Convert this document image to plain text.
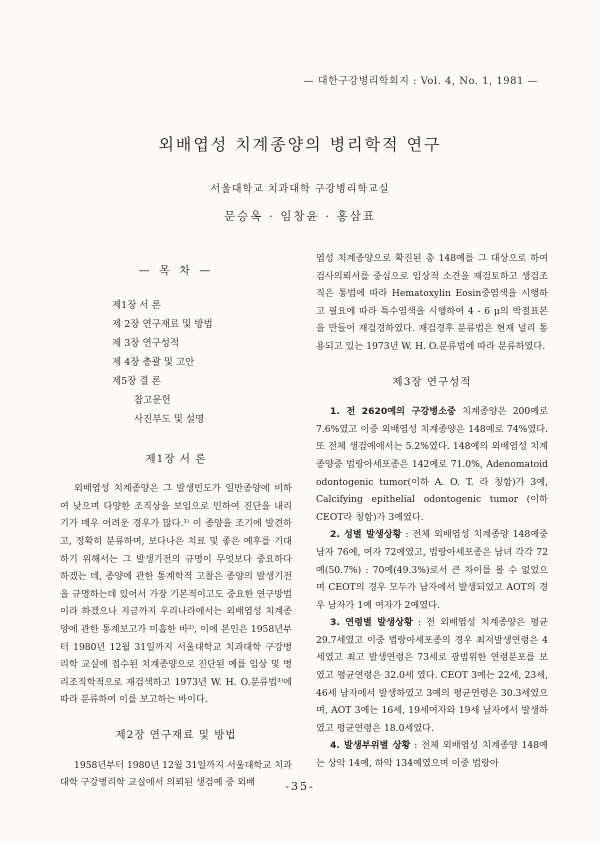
— 대한구강병리학회지 : Vol. 4, No. 1, 1981 —
외배엽성 치계종양의 병리학적 연구
서울대학교 치과대학 구강병리학교실
문승옥 · 임창윤 · 홍삼표
— 목 차 —
제1장 서 론
제 2장 연구재료 및 방법
제 3장 연구성적
제 4장 총괄 및 고안
제5장 결 론
참고문헌
사진부도 및 설명
제1장 서 론

외배엽성 치계종양은 그 발생빈도가 일반종양에 비하여 낮으며 다양한 조직상을 보임으로 인하여 진단을 내리기가 매우 어려운 경우가 많다.¹⁾ 이 종양을 조기에 발견하고, 정확히 분류하며, 보다나은 치료 및 좋은 예후를 기대하기 위해서는 그 발생기전의 규명이 무엇보다 중요하다 하겠는 데, 종양에 관한 통계학적 고찰은 종양의 발생기전을 규명하는데 있어서 가장 기본적이고도 중요한 연구방법이라 하겠으나 지금까지 우리나라에서는 외배엽성 치계종양에 관한 통계보고가 미흡한 바²⁾, 이에 본인은 1958년부터 1980년 12월 31일까지 서울대학교 치과대학 구강병리학 교실에 접수된 치계종양으로 진단된 예를 임상 및 병리조직학적으로 재검색하고 1973년 W. H. O.분류법³⁾에 따라 분류하여 이를 보고하는 바이다.

제2장 연구재료 및 방법

1958년부터 1980년 12월 31일까지 서울대학교 치과대학 구강병리학 교실에서 의뢰된 생검예 중 외배

엽성 치계종양으로 확진된 총 148예를 그 대상으로 하여 검사의뢰서를 중심으로 임상적 소견을 재검토하고 생검조직은 통법에 따라 Hematoxylin Eosin중염색을 시행하고 필요에 따라 특수염색을 시행하여 4 - 6 μ의 박절표본을 만들어 재검경하였다. 재검경후 분류법은 현재 널리 통용되고 있는 1973년 W. H. O.분류법에 따라 분류하였다.

제3장 연구성적

1. 전 2620예의 구강병소중 치계종양은 200예로 7.6%였고 이중 외배엽성 치계종양은 148예로 74%였다. 또 전체 생검예에서는 5.2%였다. 148예의 외배엽성 치계종양중 법랑아세포종은 142예로 71.0%, Adenomatoid odontogenic tumor(이하 A. O. T. 라 칭함)가 3예, Calcifying epithelial odontogenic tumor (이하 CEOT라 칭함)가 3예였다.

2. 성별 발생상황 : 전체 외배엽성 치계종양 148예중 남자 76예, 여자 72예였고, 법랑아세포종은 남녀 각각 72예(50.7%) : 70예(49.3%)로서 큰 차이를 볼 수 없었으며 CEOT의 경우 모두가 남자에서 발생되었고 AOT의 경우 남자가 1예 여자가 2예였다.

3. 연령별 발생상황 : 전 외배엽성 치계종양은 평균 29.7세였고 이중 법랑아세포종의 경우 최저발생연령은 4세였고 최고 발생연령은 73세로 광범위한 연령분포를 보였고 평균연령은 32.0세 였다. CEOT 3예는 22세, 23세, 46세 남자에서 발생하였고 3예의 평균연령은 30.3세였으며, AOT 3예는 16세, 19세여자와 19세 남자에서 발생하였고 평균연령은 18.0세였다.

4. 발생부위별 상황 : 전체 외배엽성 치계종양 148예는 상악 14예, 하악 134예였으며 이중 법랑아

-35-
